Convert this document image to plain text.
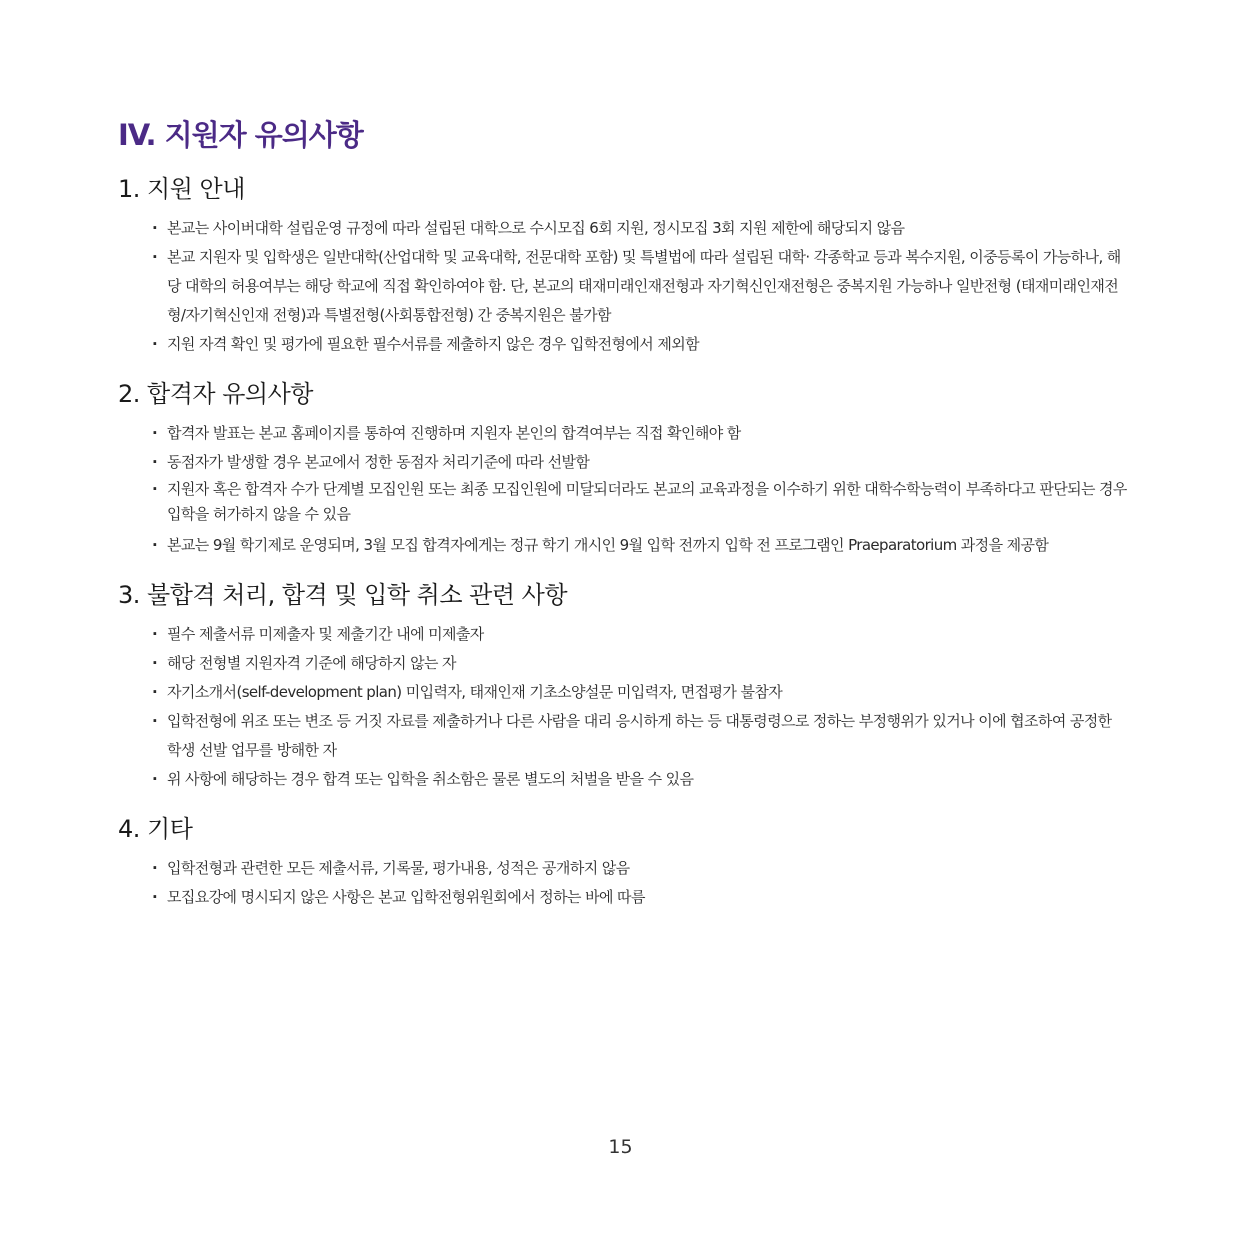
IV. 지원자 유의사항
1. 지원 안내
· 본교는 사이버대학 설립운영 규정에 따라 설립된 대학으로 수시모집 6회 지원, 정시모집 3회 지원 제한에 해당되지 않음
· 본교 지원자 및 입학생은 일반대학(산업대학 및 교육대학, 전문대학 포함) 및 특별법에 따라 설립된 대학· 각종학교 등과 복수지원, 이중등록이 가능하나, 해당 대학의 허용여부는 해당 학교에 직접 확인하여야 함. 단, 본교의 태재미래인재전형과 자기혁신인재전형은 중복지원 가능하나 일반전형 (태재미래인재전형/자기혁신인재 전형)과 특별전형(사회통합전형) 간 중복지원은 불가함
· 지원 자격 확인 및 평가에 필요한 필수서류를 제출하지 않은 경우 입학전형에서 제외함
2. 합격자 유의사항
· 합격자 발표는 본교 홈페이지를 통하여 진행하며 지원자 본인의 합격여부는 직접 확인해야 함
· 동점자가 발생할 경우 본교에서 정한 동점자 처리기준에 따라 선발함
· 지원자 혹은 합격자 수가 단계별 모집인원 또는 최종 모집인원에 미달되더라도 본교의 교육과정을 이수하기 위한 대학수학능력이 부족하다고 판단되는 경우 입학을 허가하지 않을 수 있음
· 본교는 9월 학기제로 운영되며, 3월 모집 합격자에게는 정규 학기 개시인 9월 입학 전까지 입학 전 프로그램인 Praeparatorium 과정을 제공함
3. 불합격 처리, 합격 및 입학 취소 관련 사항
· 필수 제출서류 미제출자 및 제출기간 내에 미제출자
· 해당 전형별 지원자격 기준에 해당하지 않는 자
· 자기소개서(self-development plan) 미입력자, 태재인재 기초소양설문 미입력자, 면접평가 불참자
· 입학전형에 위조 또는 변조 등 거짓 자료를 제출하거나 다른 사람을 대리 응시하게 하는 등 대통령령으로 정하는 부정행위가 있거나 이에 협조하여 공정한 학생 선발 업무를 방해한 자
· 위 사항에 해당하는 경우 합격 또는 입학을 취소함은 물론 별도의 처벌을 받을 수 있음
4. 기타
· 입학전형과 관련한 모든 제출서류, 기록물, 평가내용, 성적은 공개하지 않음
· 모집요강에 명시되지 않은 사항은 본교 입학전형위원회에서 정하는 바에 따름
15
